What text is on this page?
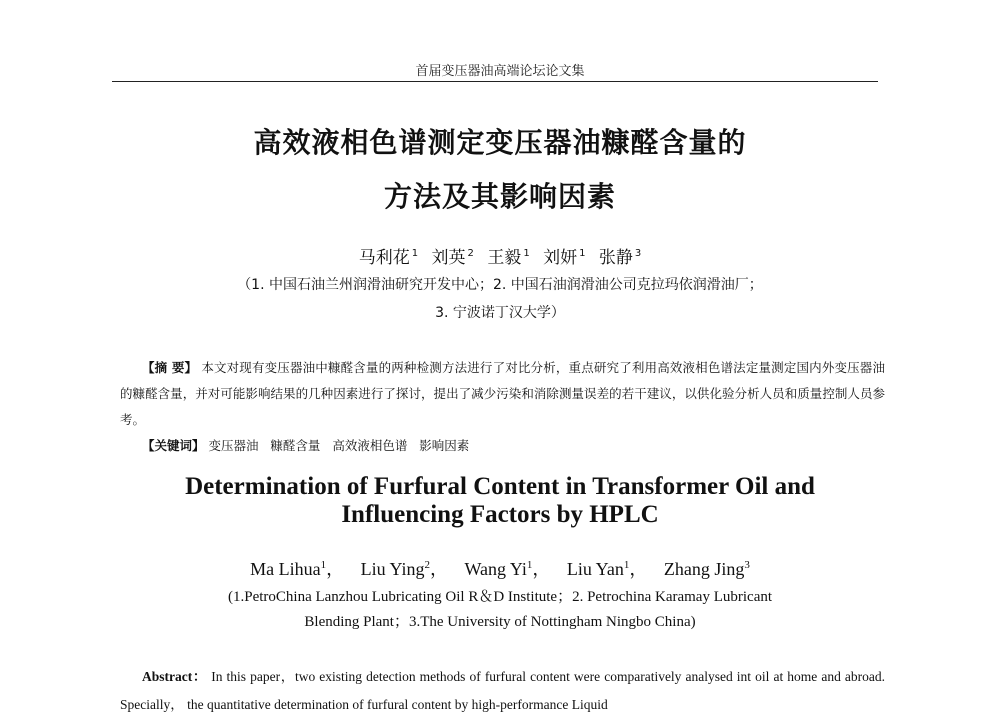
首届变压器油高端论坛论文集
高效液相色谱测定变压器油糠醛含量的
方法及其影响因素
马利花 $^1$ 刘英 $^2$ 王毅 $^1$ 刘妍 $^1$ 张静 $^3$
（1. 中国石油兰州润滑油研究开发中心；2. 中国石油润滑油公司克拉玛依润滑油厂；
3. 宁波诺丁汉大学）

【摘 要】 本文对现有变压器油中糠醛含量的两种检测方法进行了对比分析，重点研究了利用高效液相色谱法定量测定国内外变压器油的糠醛含量，并对可能影响结果的几种因素进行了探讨，提出了减少污染和消除测量误差的若干建议，以供化验分析人员和质量控制人员参考。

【关键词】 变压器油   糠醛含量   高效液相色谱   影响因素

Determination of Furfural Content in Transformer Oil and
Influencing Factors by HPLC
Ma Lihua$^1$， Liu Ying$^2$， Wang Yi$^1$， Liu Yan$^1$， Zhang Jing$^3$
(1.PetroChina Lanzhou Lubricating Oil R＆D Institute；2. Petrochina Karamay Lubricant
Blending Plant；3.The University of Nottingham Ningbo China)

Abstract： In this paper，two existing detection methods of furfural content were comparatively analysed int oil at home and abroad. Specially， the quantitative determination of furfural content by high-performance Liquid
